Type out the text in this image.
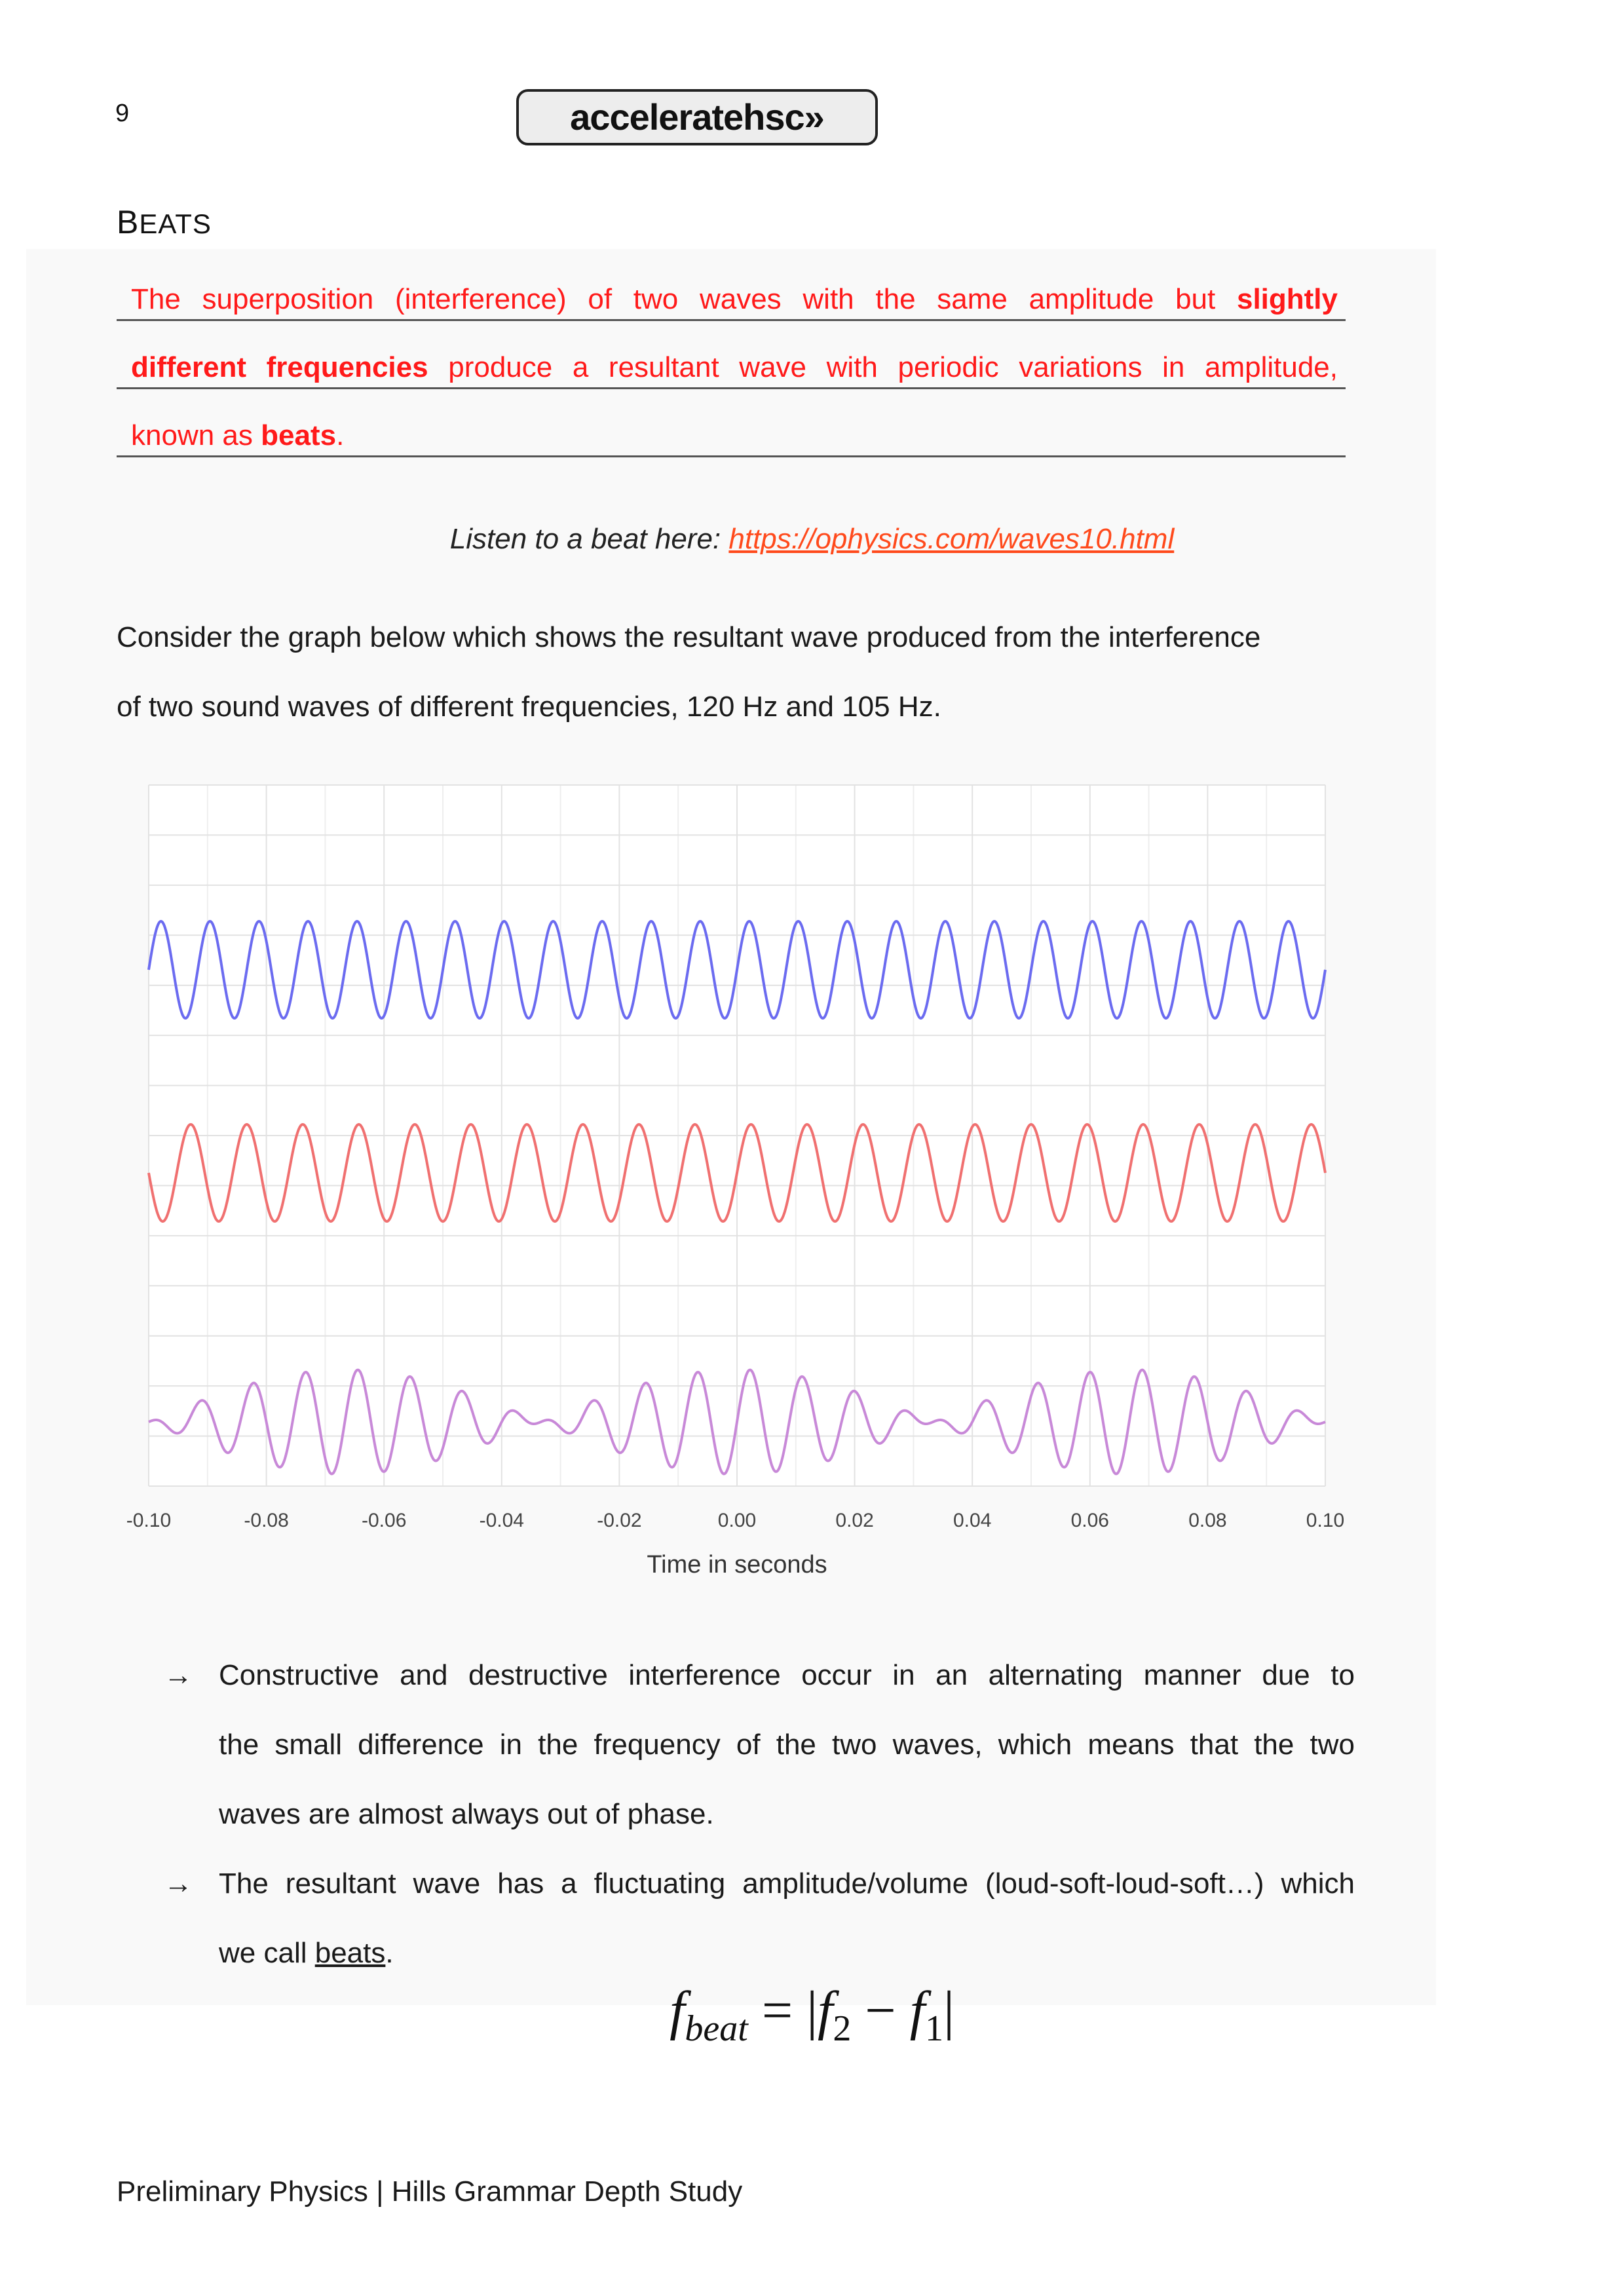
9	acceleratehsc»
BEATS
The superposition (interference) of two waves with the same amplitude but slightly
different frequencies produce a resultant wave with periodic variations in amplitude,
known as beats.
Listen to a beat here: https://ophysics.com/waves10.html
Consider the graph below which shows the resultant wave produced from the interference
of two sound waves of different frequencies, 120 Hz and 105 Hz.
-0.10	-0.08	-0.06	-0.04	-0.02	0.00	0.02	0.04	0.06	0.08	0.10
Time in seconds
→ Constructive and destructive interference occur in an alternating manner due to
the small difference in the frequency of the two waves, which means that the two
waves are almost always out of phase.
→ The resultant wave has a fluctuating amplitude/volume (loud-soft-loud-soft…) which
we call beats.
$f_{beat} = |f_2 - f_1|$
Preliminary Physics | Hills Grammar Depth Study
